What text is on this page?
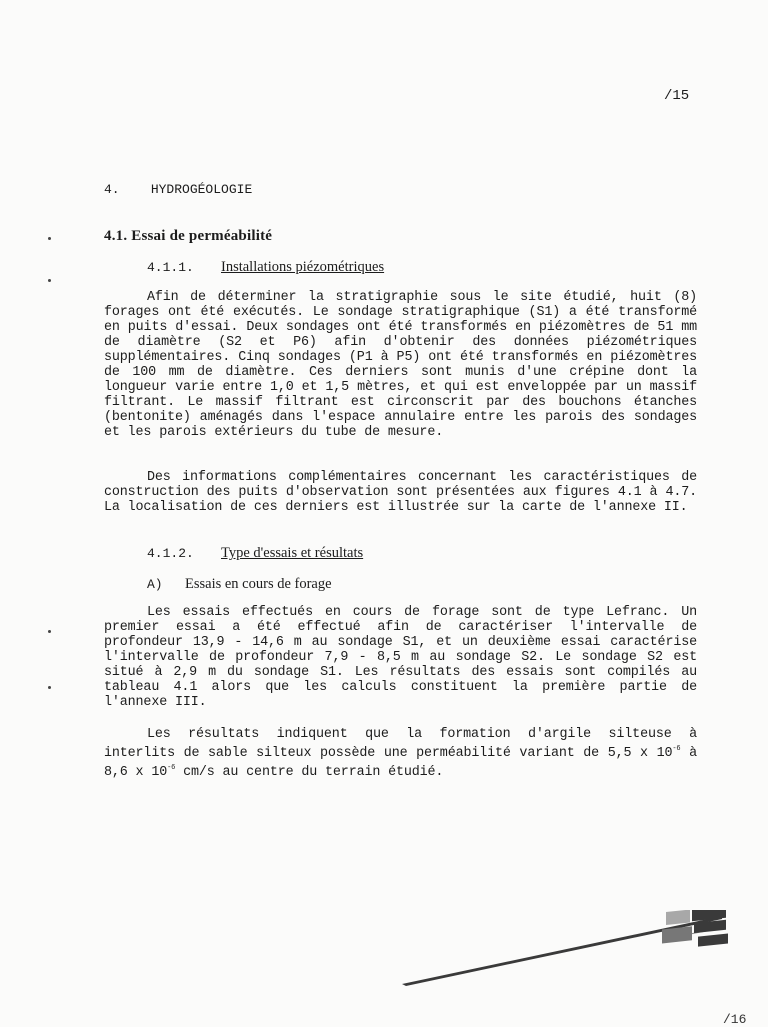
/15
4. HYDROGÉOLOGIE
4.1. Essai de perméabilité
4.1.1. Installations piézométriques

Afin de déterminer la stratigraphie sous le site étudié, huit (8) forages ont été exécutés. Le sondage stratigraphique (S1) a été transformé en puits d'essai. Deux sondages ont été transformés en piézomètres de 51 mm de diamètre (S2 et P6) afin d'obtenir des données piézométriques supplémentaires. Cinq sondages (P1 à P5) ont été transformés en piézomètres de 100 mm de diamètre. Ces derniers sont munis d'une crépine dont la longueur varie entre 1,0 et 1,5 mètres, et qui est enveloppée par un massif filtrant. Le massif filtrant est circonscrit par des bouchons étanches (bentonite) aménagés dans l'espace annulaire entre les parois des sondages et les parois extérieurs du tube de mesure.

Des informations complémentaires concernant les caractéristiques de construction des puits d'observation sont présentées aux figures 4.1 à 4.7. La localisation de ces derniers est illustrée sur la carte de l'annexe II.

4.1.2. Type d'essais et résultats
A) Essais en cours de forage

Les essais effectués en cours de forage sont de type Lefranc. Un premier essai a été effectué afin de caractériser l'intervalle de profondeur 13,9 - 14,6 m au sondage S1, et un deuxième essai caractérise l'intervalle de profondeur 7,9 - 8,5 m au sondage S2. Le sondage S2 est situé à 2,9 m du sondage S1. Les résultats des essais sont compilés au tableau 4.1 alors que les calculs constituent la première partie de l'annexe III.

Les résultats indiquent que la formation d'argile silteuse à interlits de sable silteux possède une perméabilité variant de 5,5 x $10^{-6}$ à 8,6 x $10^{-6}$ cm/s au centre du terrain étudié.

/16
